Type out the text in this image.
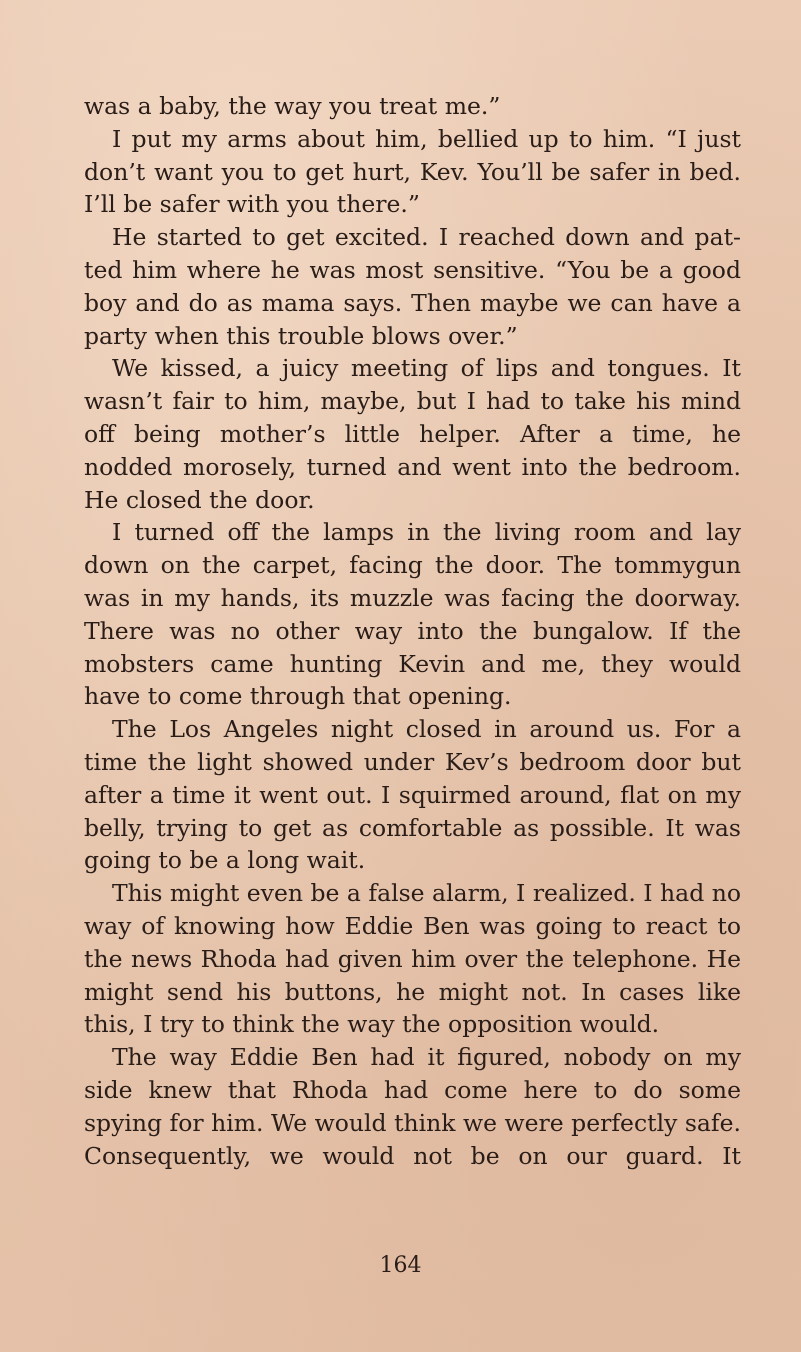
was a baby, the way you treat me.”

I put my arms about him, bellied up to him. “I just don’t want you to get hurt, Kev. You’ll be safer in bed. I’ll be safer with you there.”

He started to get excited. I reached down and patted him where he was most sensitive. “You be a good boy and do as mama says. Then maybe we can have a party when this trouble blows over.”

We kissed, a juicy meeting of lips and tongues. It wasn’t fair to him, maybe, but I had to take his mind off being mother’s little helper. After a time, he nodded morosely, turned and went into the bedroom. He closed the door.

I turned off the lamps in the living room and lay down on the carpet, facing the door. The tommygun was in my hands, its muzzle was facing the doorway. There was no other way into the bungalow. If the mobsters came hunting Kevin and me, they would have to come through that opening.

The Los Angeles night closed in around us. For a time the light showed under Kev’s bedroom door but after a time it went out. I squirmed around, flat on my belly, trying to get as comfortable as possible. It was going to be a long wait.

This might even be a false alarm, I realized. I had no way of knowing how Eddie Ben was going to react to the news Rhoda had given him over the telephone. He might send his buttons, he might not. In cases like this, I try to think the way the opposition would.

The way Eddie Ben had it figured, nobody on my side knew that Rhoda had come here to do some spying for him. We would think we were perfectly safe. Consequently, we would not be on our guard. It

164
